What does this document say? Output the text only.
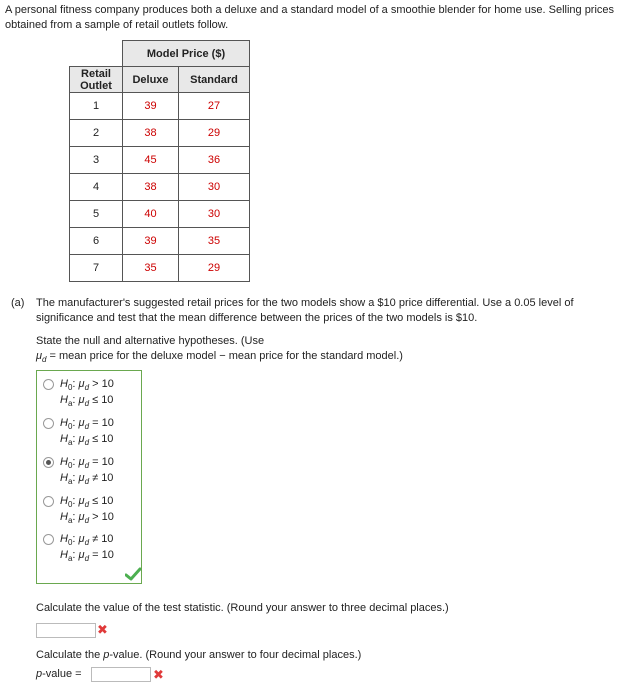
A personal fitness company produces both a deluxe and a standard model of a smoothie blender for home use. Selling prices obtained from a sample of retail outlets follow.
	Model Price ($)	
Retail Outlet	Deluxe	Standard
1	39	27
2	38	29
3	45	36
4	38	30
5	40	30
6	39	35
7	35	29
(a) The manufacturer's suggested retail prices for the two models show a $10 price differential. Use a 0.05 level of significance and test that the mean difference between the prices of the two models is $10.
State the null and alternative hypotheses. (Use
$\mu_d$ = mean price for the deluxe model − mean price for the standard model.)
$H_0$: $\mu_d > 10$
$H_a$: $\mu_d \le 10$
$H_0$: $\mu_d = 10$
$H_a$: $\mu_d \le 10$
$H_0$: $\mu_d = 10$
$H_a$: $\mu_d \ne 10$
$H_0$: $\mu_d \le 10$
$H_a$: $\mu_d > 10$
$H_0$: $\mu_d \ne 10$
$H_a$: $\mu_d = 10$
Calculate the value of the test statistic. (Round your answer to three decimal places.)
✖
Calculate the p-value. (Round your answer to four decimal places.)
p-value =	✖
